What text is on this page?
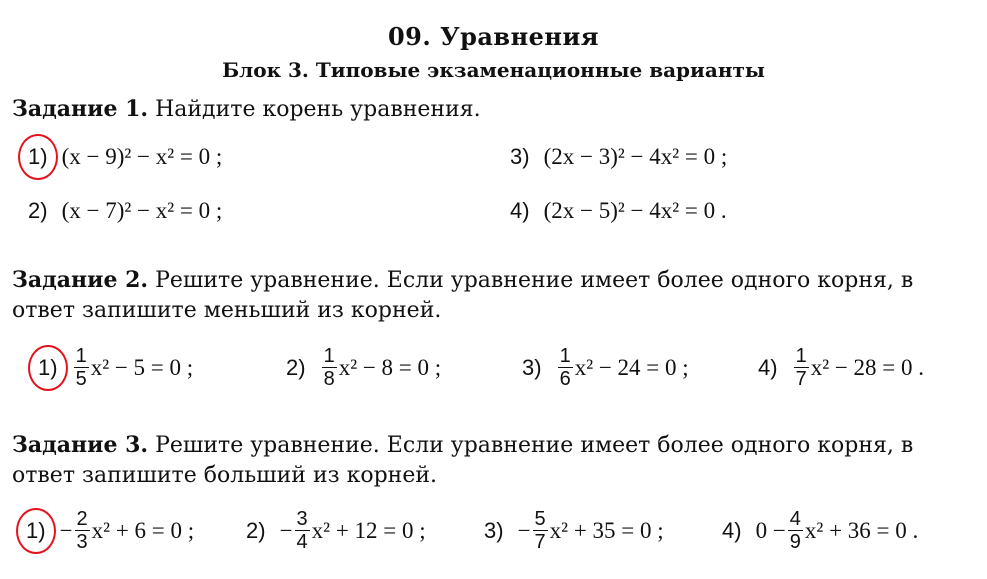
09. Уравнения
Блок 3. Типовые экзаменационные варианты
Задание 1. Найдите корень уравнения.
1) (x − 9)² − x² = 0 ;	3) (2x − 3)² − 4x² = 0 ;
2) (x − 7)² − x² = 0 ;	4) (2x − 5)² − 4x² = 0 .
Задание 2. Решите уравнение. Если уравнение имеет более одного корня, в ответ запишите меньший из корней.
$1) \frac{1}{5} x^2 - 5 = 0$ ;	$2) \frac{1}{8} x^2 - 8 = 0$ ;	$3) \frac{1}{6} x^2 - 24 = 0$ ;	$4) \frac{1}{7} x^2 - 28 = 0$ .
Задание 3. Решите уравнение. Если уравнение имеет более одного корня, в ответ запишите больший из корней.
$1) - \frac{2}{3} x^2 + 6 = 0$ ; $2) - \frac{3}{4} x^2 + 12 = 0$ ;	$3) - \frac{5}{7} x^2 + 35 = 0$ ;	4) $0 - \frac{4}{9} x^2 + 36 = 0$ .
